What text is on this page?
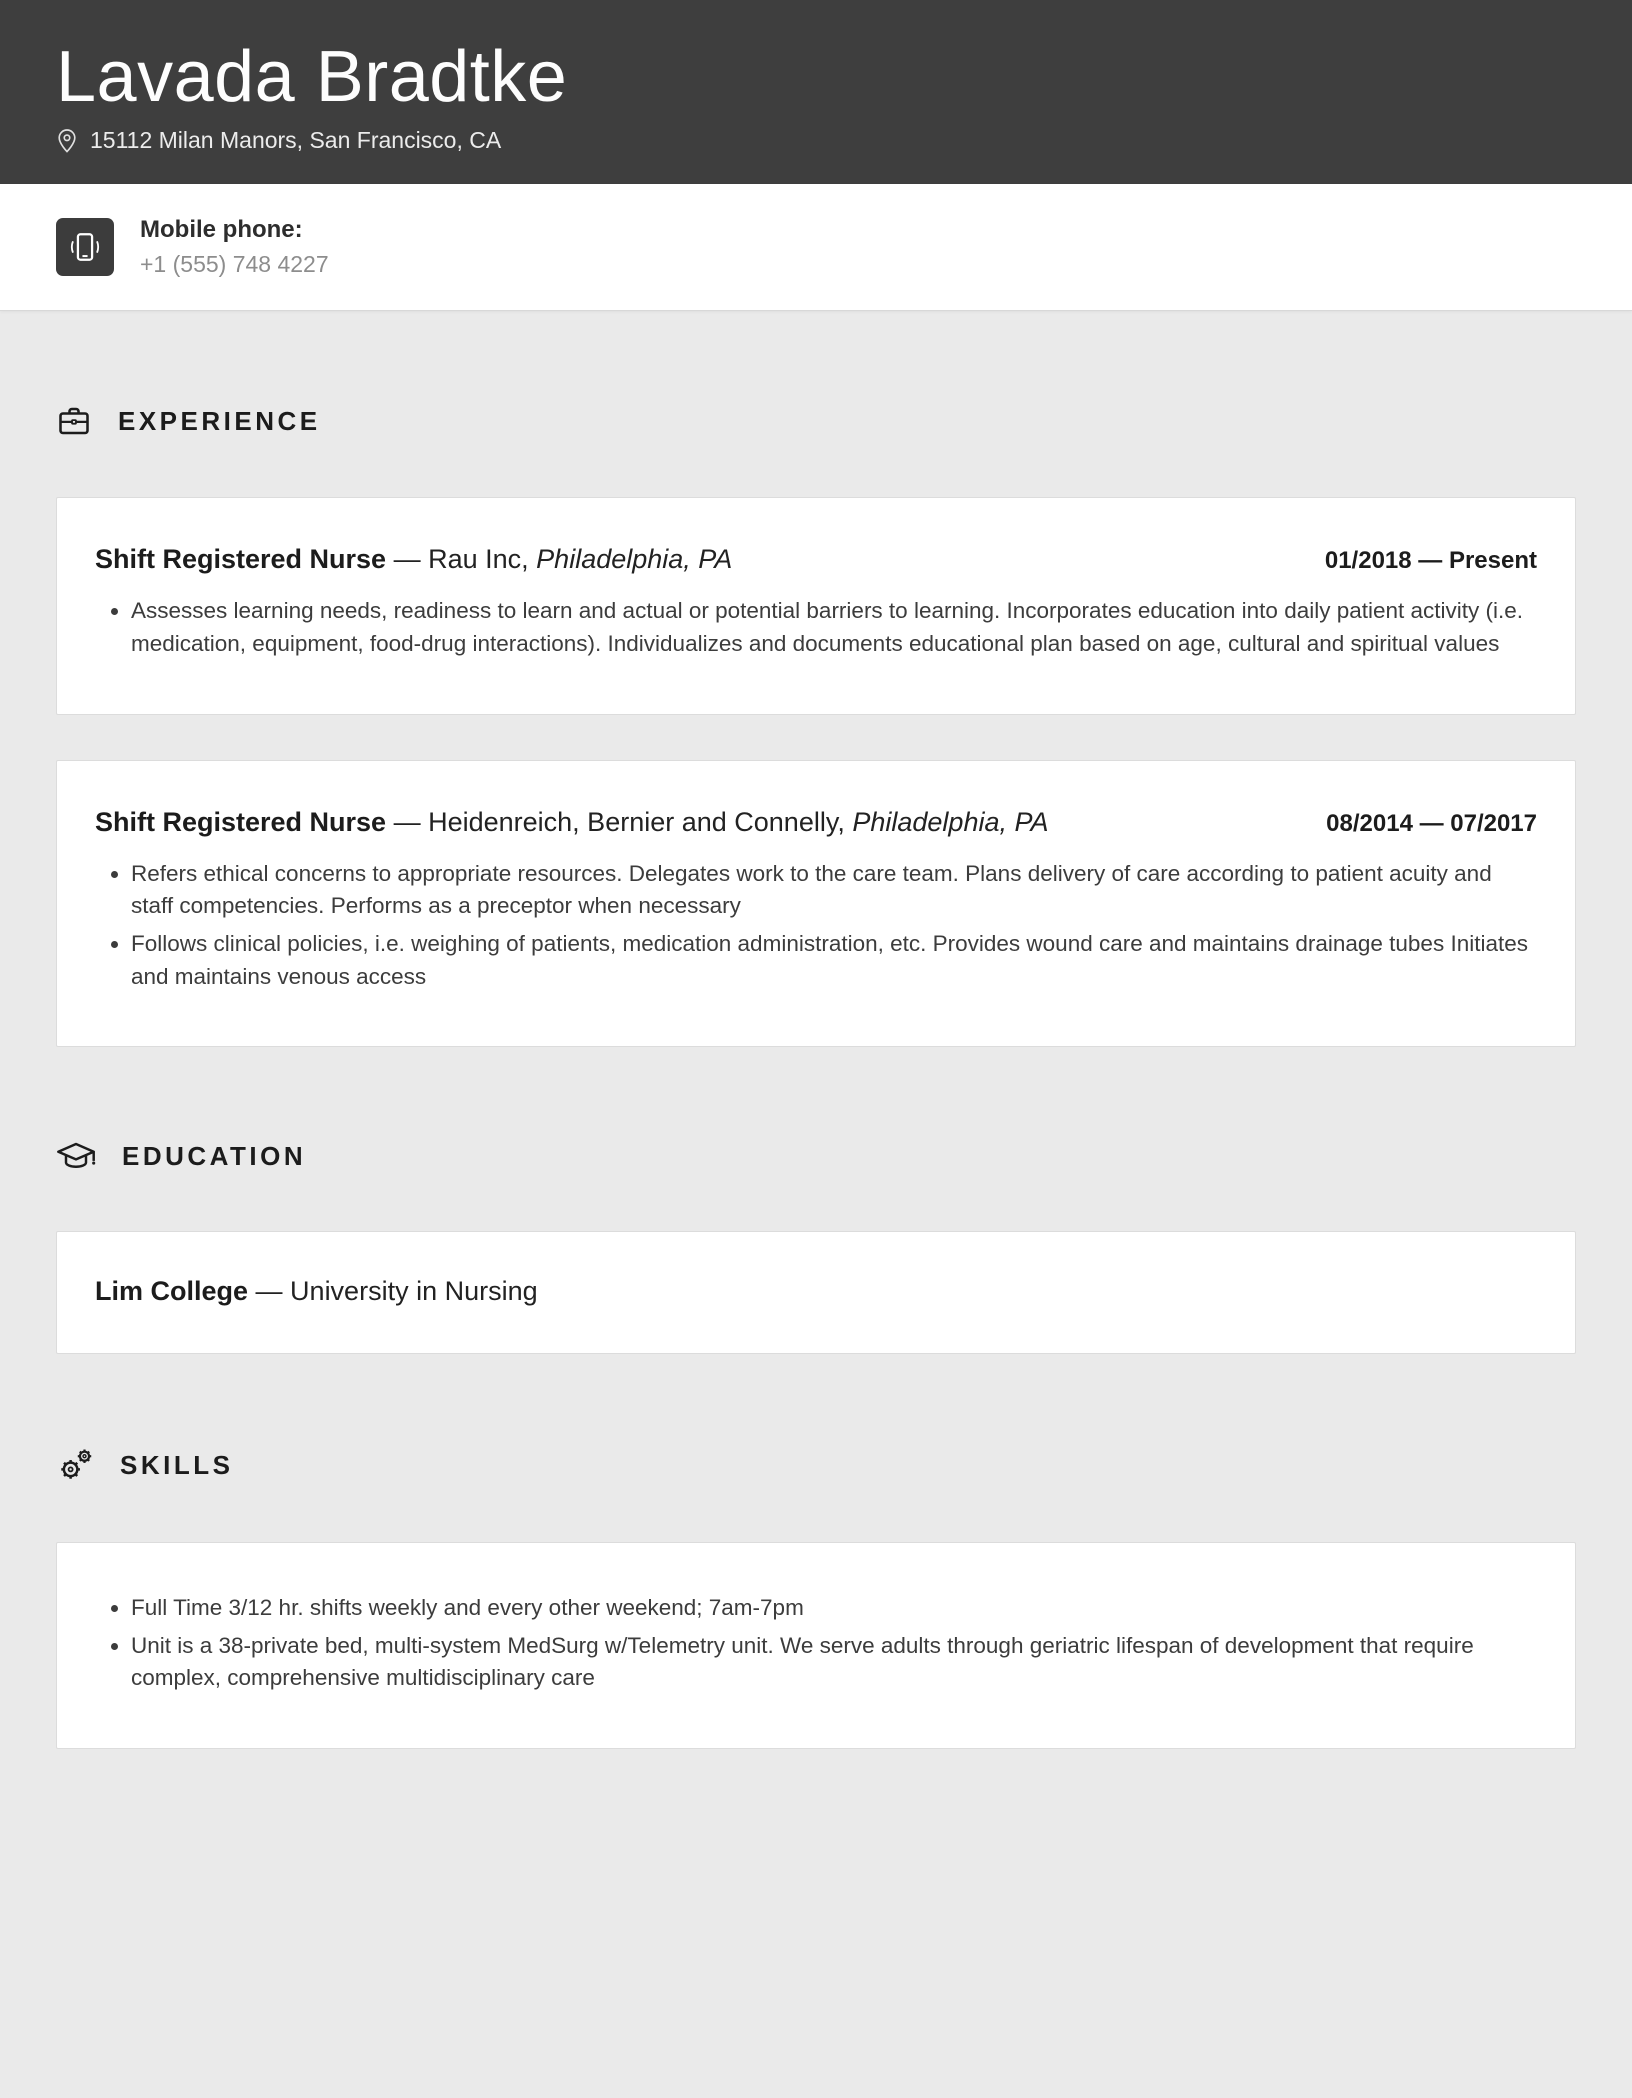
Lavada Bradtke
15112 Milan Manors, San Francisco, CA
Mobile phone:
+1 (555) 748 4227
EXPERIENCE
Shift Registered Nurse — Rau Inc, Philadelphia, PA	01/2018 — Present
• Assesses learning needs, readiness to learn and actual or potential barriers to learning. Incorporates education into daily patient activity (i.e. medication, equipment, food-drug interactions). Individualizes and documents educational plan based on age, cultural and spiritual values
Shift Registered Nurse — Heidenreich, Bernier and Connelly, Philadelphia, PA	08/2014 — 07/2017
• Refers ethical concerns to appropriate resources. Delegates work to the care team. Plans delivery of care according to patient acuity and staff competencies. Performs as a preceptor when necessary
• Follows clinical policies, i.e. weighing of patients, medication administration, etc. Provides wound care and maintains drainage tubes Initiates and maintains venous access
EDUCATION
Lim College — University in Nursing
SKILLS
• Full Time 3/12 hr. shifts weekly and every other weekend; 7am-7pm
• Unit is a 38-private bed, multi-system MedSurg w/Telemetry unit. We serve adults through geriatric lifespan of development that require complex, comprehensive multidisciplinary care
